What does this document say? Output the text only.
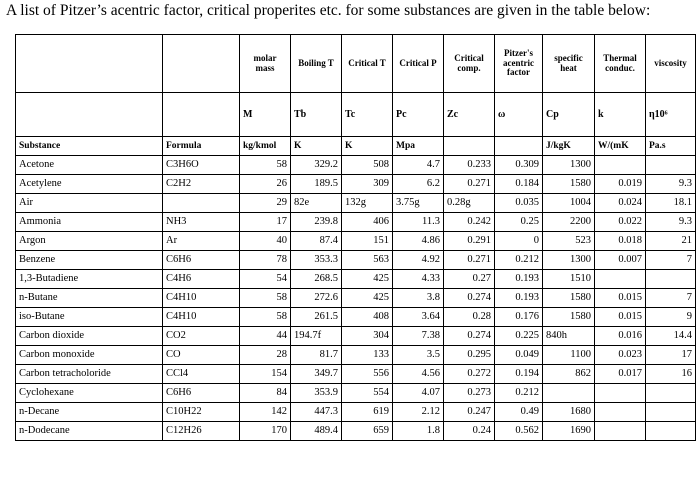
A list of Pitzer’s acentric factor, critical properites etc. for some substances are given in the table below:
		molar mass	Boiling T	Critical T	Critical P	Critical comp.	Pitzer's acentric factor	specific heat	Thermal conduc.	viscosity
		M	Tb	Tc	Pc	Zc	ω	Cp	k	η10⁶
Substance	Formula	kg/kmol	K	K	Mpa			J/kgK	W/(mK	Pa.s
Acetone	C3H6O	58	329.2	508	4.7	0.233	0.309	1300		
Acetylene	C2H2	26	189.5	309	6.2	0.271	0.184	1580	0.019	9.3
Air		29	82e	132g	3.75g	0.28g	0.035	1004	0.024	18.1
Ammonia	NH3	17	239.8	406	11.3	0.242	0.25	2200	0.022	9.3
Argon	Ar	40	87.4	151	4.86	0.291	0	523	0.018	21
Benzene	C6H6	78	353.3	563	4.92	0.271	0.212	1300	0.007	7
1,3-Butadiene	C4H6	54	268.5	425	4.33	0.27	0.193	1510		
n-Butane	C4H10	58	272.6	425	3.8	0.274	0.193	1580	0.015	7
iso-Butane	C4H10	58	261.5	408	3.64	0.28	0.176	1580	0.015	9
Carbon dioxide	CO2	44	194.7f	304	7.38	0.274	0.225	840h	0.016	14.4
Carbon monoxide	CO	28	81.7	133	3.5	0.295	0.049	1100	0.023	17
Carbon tetracholoride	CCl4	154	349.7	556	4.56	0.272	0.194	862	0.017	16
Cyclohexane	C6H6	84	353.9	554	4.07	0.273	0.212			
n-Decane	C10H22	142	447.3	619	2.12	0.247	0.49	1680		
n-Dodecane	C12H26	170	489.4	659	1.8	0.24	0.562	1690		
